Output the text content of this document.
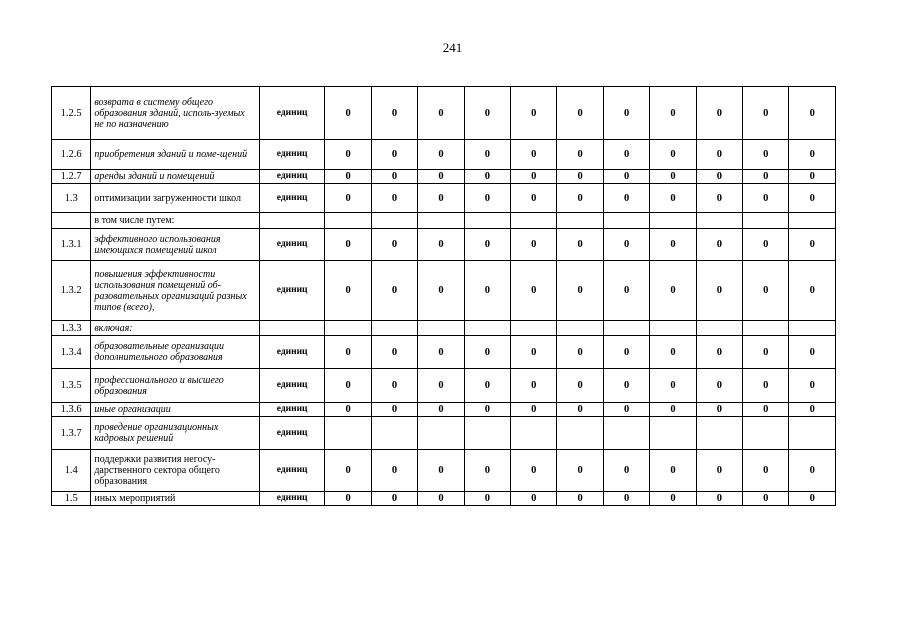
241
1.2.5	возврата в систему общего образования зданий, исполь-зуемых не по назначению	единиц	0	0	0	0	0	0	0	0	0	0	0
1.2.6	приобретения зданий и поме-щений	единиц	0	0	0	0	0	0	0	0	0	0	0
1.2.7	аренды зданий и помещений	единиц	0	0	0	0	0	0	0	0	0	0	0
1.3	оптимизации загруженности школ	единиц	0	0	0	0	0	0	0	0	0	0	0
	в том числе путем:												
1.3.1	эффективного использования имеющихся помещений школ	единиц	0	0	0	0	0	0	0	0	0	0	0
1.3.2	повышения эффективности использования помещений об-разовательных организаций разных типов (всего),	единиц	0	0	0	0	0	0	0	0	0	0	0
1.3.3	включая:												
1.3.4	образовательные организации дополнительного образования	единиц	0	0	0	0	0	0	0	0	0	0	0
1.3.5	профессионального и высшего образования	единиц	0	0	0	0	0	0	0	0	0	0	0
1.3.6	иные организации	единиц	0	0	0	0	0	0	0	0	0	0	0
1.3.7	проведение организационных кадровых решений	единиц											
1.4	поддержки развития негосу-дарственного сектора общего образования	единиц	0	0	0	0	0	0	0	0	0	0	0
1.5	иных мероприятий	единиц	0	0	0	0	0	0	0	0	0	0	0
